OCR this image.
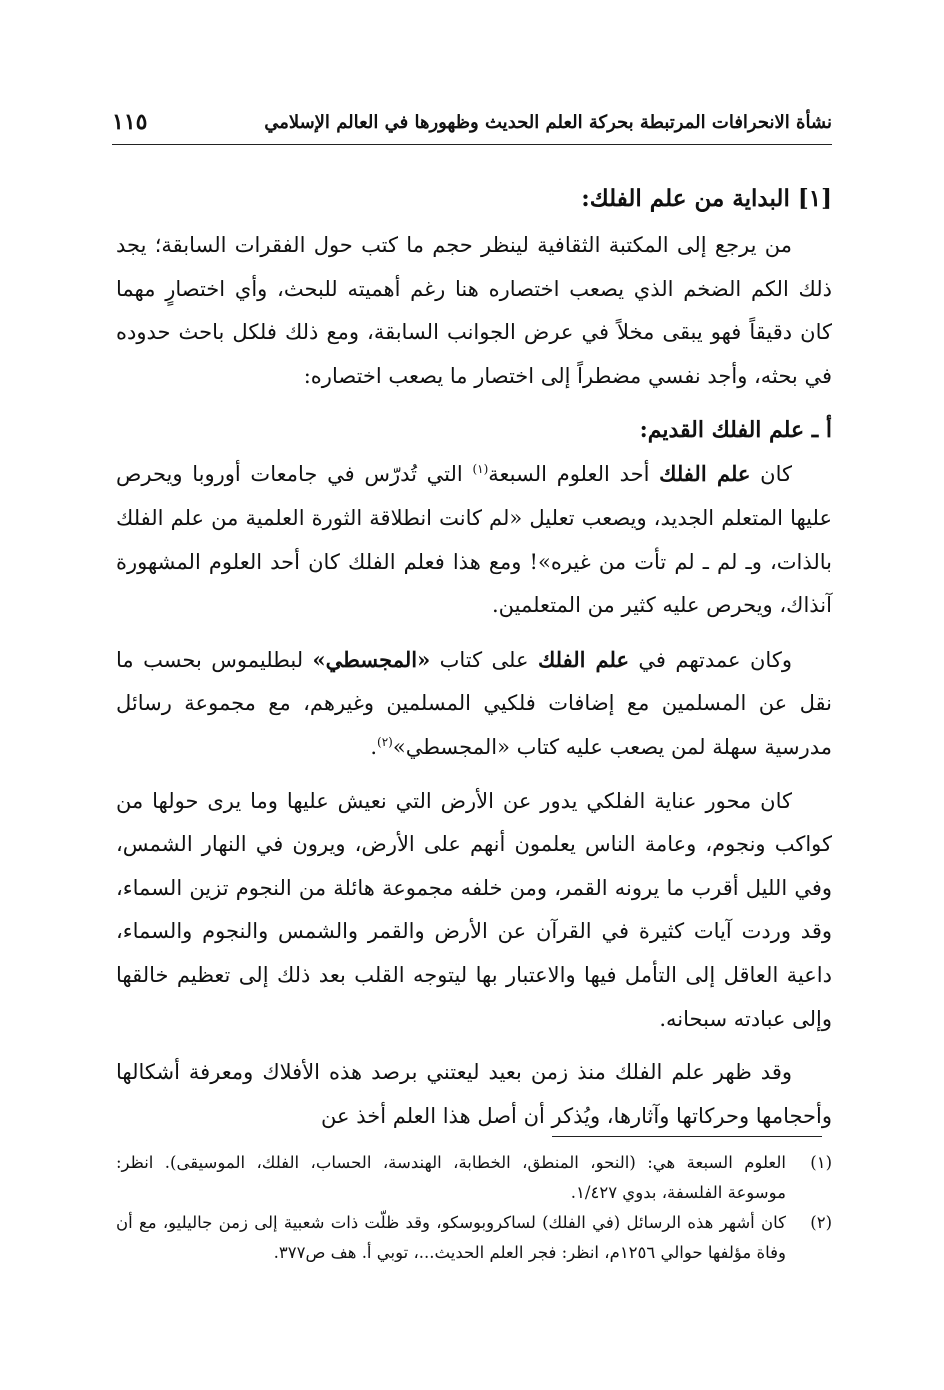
نشأة الانحرافات المرتبطة بحركة العلم الحديث وظهورها في العالم الإسلامي
١١٥
[١] البداية من علم الفلك:

من يرجع إلى المكتبة الثقافية لينظر حجم ما كتب حول الفقرات السابقة؛ يجد ذلك الكم الضخم الذي يصعب اختصاره هنا رغم أهميته للبحث، وأي اختصارٍ مهما كان دقيقاً فهو يبقى مخلاً في عرض الجوانب السابقة، ومع ذلك فلكل باحث حدوده في بحثه، وأجد نفسي مضطراً إلى اختصار ما يصعب اختصاره:

أ ـ علم الفلك القديم:

كان علم الفلك أحد العلوم السبعة$^{(١)}$ التي تُدرّس في جامعات أوروبا ويحرص عليها المتعلم الجديد، ويصعب تعليل «لم كانت انطلاقة الثورة العلمية من علم الفلك بالذات، وـ لم ـ لم تأت من غيره»! ومع هذا فعلم الفلك كان أحد العلوم المشهورة آنذاك، ويحرص عليه كثير من المتعلمين.

وكان عمدتهم في علم الفلك على كتاب «المجسطي» لبطليموس بحسب ما نقل عن المسلمين مع إضافات فلكيي المسلمين وغيرهم، مع مجموعة رسائل مدرسية سهلة لمن يصعب عليه كتاب «المجسطي»$^{(٢)}$.

كان محور عناية الفلكي يدور عن الأرض التي نعيش عليها وما يرى حولها من كواكب ونجوم، وعامة الناس يعلمون أنهم على الأرض، ويرون في النهار الشمس، وفي الليل أقرب ما يرونه القمر، ومن خلفه مجموعة هائلة من النجوم تزين السماء، وقد وردت آيات كثيرة في القرآن عن الأرض والقمر والشمس والنجوم والسماء، داعية العاقل إلى التأمل فيها والاعتبار بها ليتوجه القلب بعد ذلك إلى تعظيم خالقها وإلى عبادته سبحانه.

وقد ظهر علم الفلك منذ زمن بعيد ليعتني برصد هذه الأفلاك ومعرفة أشكالها وأحجامها وحركاتها وآثارها، ويُذكر أن أصل هذا العلم أخذ عن

(١)
العلوم السبعة هي: (النحو، المنطق، الخطابة، الهندسة، الحساب، الفلك، الموسيقى). انظر: موسوعة الفلسفة، بدوي ١/٤٢٧.
(٢)
كان أشهر هذه الرسائل (في الفلك) لساكروبوسكو، وقد ظلّت ذات شعبية إلى زمن جاليليو، مع أن وفاة مؤلفها حوالي ١٢٥٦م، انظر: فجر العلم الحديث...، توبي أ. هف ص٣٧٧.
